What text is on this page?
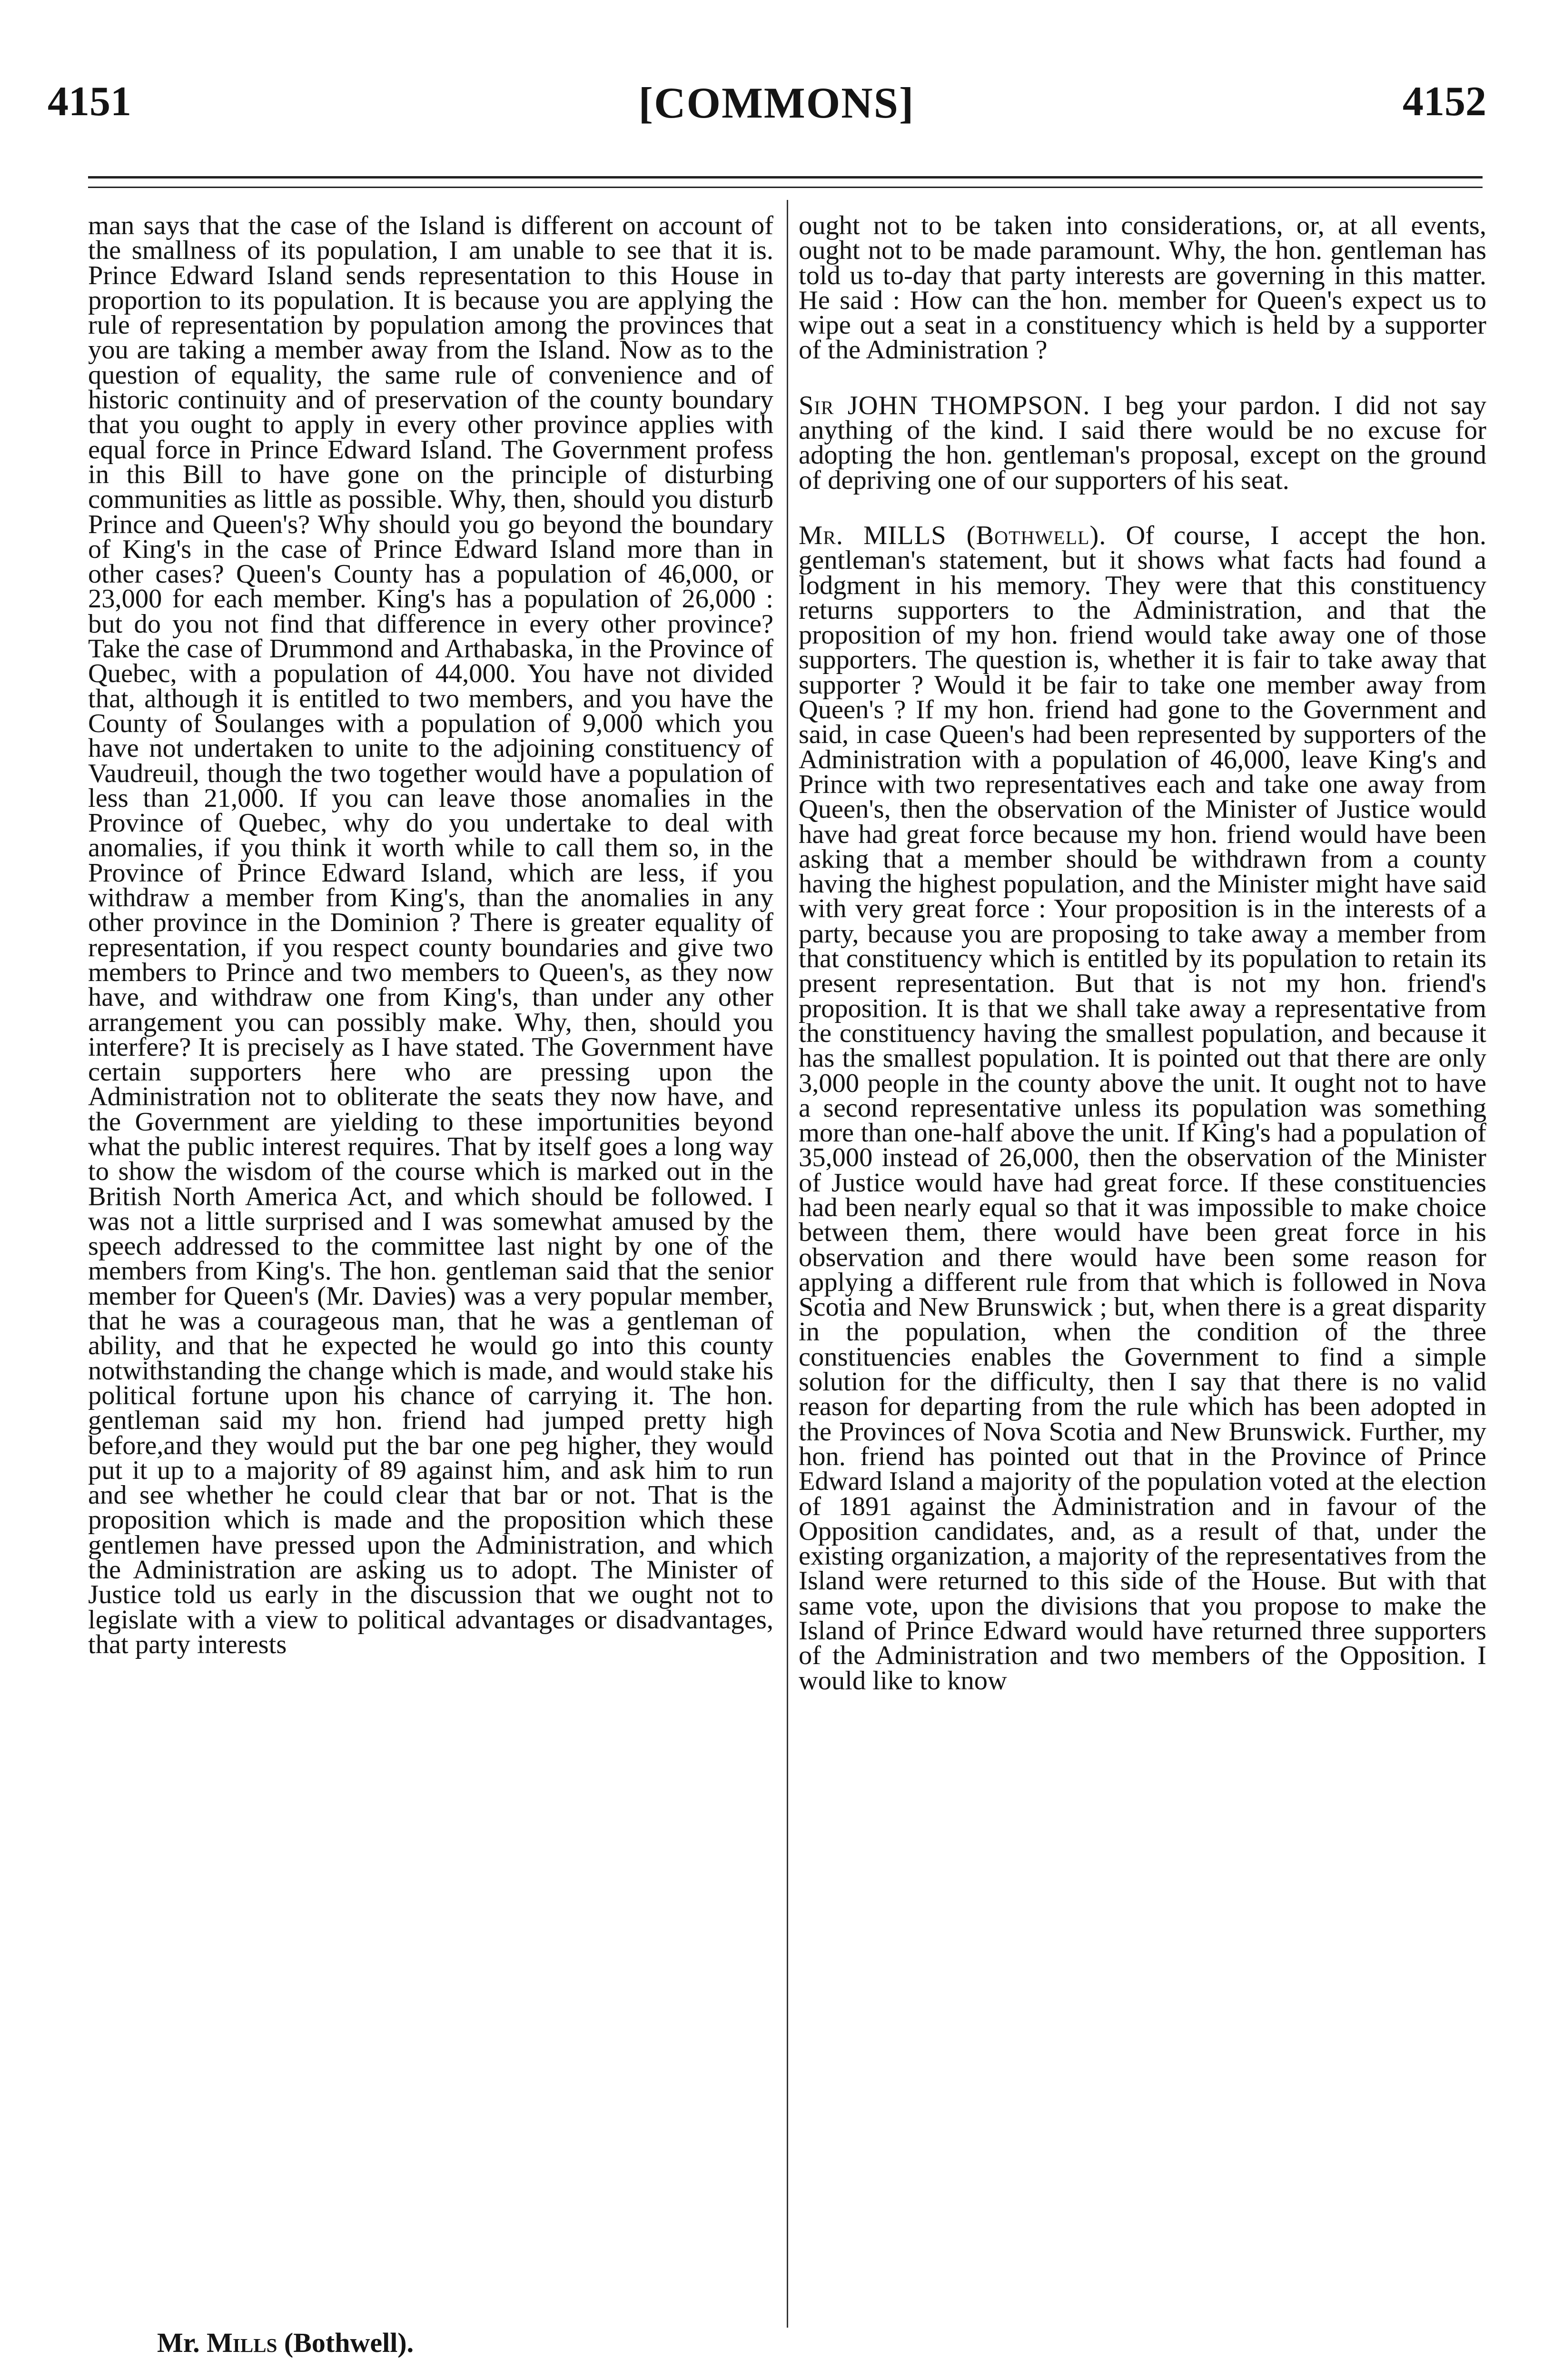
4151	[COMMONS]	4152

man says that the case of the Island is different on account of the smallness of its population, I am unable to see that it is. Prince Edward Island sends representation to this House in proportion to its population. It is because you are applying the rule of representation by population among the provinces that you are taking a member away from the Island. Now as to the question of equality, the same rule of convenience and of historic continuity and of preservation of the county boundary that you ought to apply in every other province applies with equal force in Prince Edward Island. The Government profess in this Bill to have gone on the principle of disturbing communities as little as possible. Why, then, should you disturb Prince and Queen's? Why should you go beyond the boundary of King's in the case of Prince Edward Island more than in other cases? Queen's County has a population of 46,000, or 23,000 for each member. King's has a population of 26,000 : but do you not find that difference in every other province? Take the case of Drummond and Arthabaska, in the Province of Quebec, with a population of 44,000. You have not divided that, although it is entitled to two members, and you have the County of Soulanges with a population of 9,000 which you have not undertaken to unite to the adjoining constituency of Vaudreuil, though the two together would have a population of less than 21,000. If you can leave those anomalies in the Province of Quebec, why do you undertake to deal with anomalies, if you think it worth while to call them so, in the Province of Prince Edward Island, which are less, if you withdraw a member from King's, than the anomalies in any other province in the Dominion ? There is greater equality of representation, if you respect county boundaries and give two members to Prince and two members to Queen's, as they now have, and withdraw one from King's, than under any other arrangement you can possibly make. Why, then, should you interfere? It is precisely as I have stated. The Government have certain supporters here who are pressing upon the Administration not to obliterate the seats they now have, and the Government are yielding to these importunities beyond what the public interest requires. That by itself goes a long way to show the wisdom of the course which is marked out in the British North America Act, and which should be followed. I was not a little surprised and I was somewhat amused by the speech addressed to the committee last night by one of the members from King's. The hon. gentleman said that the senior member for Queen's (Mr. Davies) was a very popular member, that he was a courageous man, that he was a gentleman of ability, and that he expected he would go into this county notwithstanding the change which is made, and would stake his political fortune upon his chance of carrying it. The hon. gentleman said my hon. friend had jumped pretty high before,and they would put the bar one peg higher, they would put it up to a majority of 89 against him, and ask him to run and see whether he could clear that bar or not. That is the proposition which is made and the proposition which these gentlemen have pressed upon the Administration, and which the Administration are asking us to adopt. The Minister of Justice told us early in the discussion that we ought not to legislate with a view to political advantages or disadvantages, that party interests

ought not to be taken into considerations, or, at all events, ought not to be made paramount. Why, the hon. gentleman has told us to-day that party interests are governing in this matter. He said : How can the hon. member for Queen's expect us to wipe out a seat in a constituency which is held by a supporter of the Administration ?

Sir JOHN THOMPSON. I beg your pardon. I did not say anything of the kind. I said there would be no excuse for adopting the hon. gentleman's proposal, except on the ground of depriving one of our supporters of his seat.

Mr. MILLS (Bothwell). Of course, I accept the hon. gentleman's statement, but it shows what facts had found a lodgment in his memory. They were that this constituency returns supporters to the Administration, and that the proposition of my hon. friend would take away one of those supporters. The question is, whether it is fair to take away that supporter ? Would it be fair to take one member away from Queen's ? If my hon. friend had gone to the Government and said, in case Queen's had been represented by supporters of the Administration with a population of 46,000, leave King's and Prince with two representatives each and take one away from Queen's, then the observation of the Minister of Justice would have had great force because my hon. friend would have been asking that a member should be withdrawn from a county having the highest population, and the Minister might have said with very great force : Your proposition is in the interests of a party, because you are proposing to take away a member from that constituency which is entitled by its population to retain its present representation. But that is not my hon. friend's proposition. It is that we shall take away a representative from the constituency having the smallest population, and because it has the smallest population. It is pointed out that there are only 3,000 people in the county above the unit. It ought not to have a second representative unless its population was something more than one-half above the unit. If King's had a population of 35,000 instead of 26,000, then the observation of the Minister of Justice would have had great force. If these constituencies had been nearly equal so that it was impossible to make choice between them, there would have been great force in his observation and there would have been some reason for applying a different rule from that which is followed in Nova Scotia and New Brunswick ; but, when there is a great disparity in the population, when the condition of the three constituencies enables the Government to find a simple solution for the difficulty, then I say that there is no valid reason for departing from the rule which has been adopted in the Provinces of Nova Scotia and New Brunswick. Further, my hon. friend has pointed out that in the Province of Prince Edward Island a majority of the population voted at the election of 1891 against the Administration and in favour of the Opposition candidates, and, as a result of that, under the existing organization, a majority of the representatives from the Island were returned to this side of the House. But with that same vote, upon the divisions that you propose to make the Island of Prince Edward would have returned three supporters of the Administration and two members of the Opposition. I would like to know

Mr. Mills (Bothwell).
